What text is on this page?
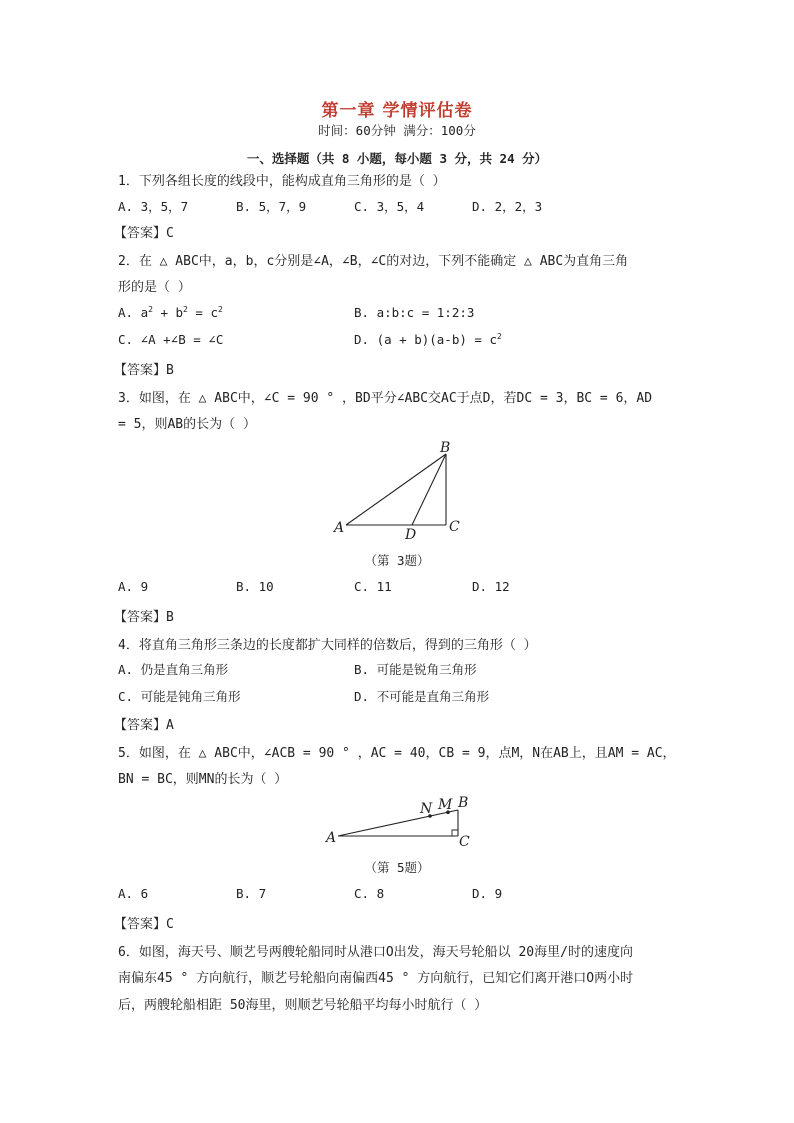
第一章 学情评估卷
时间：60分钟 满分：100分
一、选择题（共 8 小题，每小题 3 分，共 24 分）
1．下列各组长度的线段中，能构成直角三角形的是（ ）
A. 3，5，7	B. 5，7，9	C. 3，5，4	D. 2，2，3
【答案】C
2．在 △ ABC中，a，b，c分别是∠A，∠B，∠C的对边，下列不能确定 △ ABC为直角三角
形的是（ ）
A. $a^2 + b^2 = c^2$	B. a:b:c = 1:2:3
C. ∠A +∠B = ∠C	D. $(a + b)(a-b) = c^2$
【答案】B
3．如图，在 △ ABC中，∠C = 90 ° ，BD平分∠ABC交AC于点D，若DC = 3，BC = 6，AD
= 5，则AB的长为（ ）
A
B
C
D
（第 3题）
A. 9	B. 10	C. 11	D. 12
【答案】B
4．将直角三角形三条边的长度都扩大同样的倍数后，得到的三角形（ ）
A. 仍是直角三角形	B. 可能是锐角三角形
C. 可能是钝角三角形	D. 不可能是直角三角形
【答案】A
5．如图，在 △ ABC中，∠ACB = 90 ° ，AC = 40，CB = 9，点M，N在AB上，且AM = AC，
BN = BC，则MN的长为（ ）
A
B
C
M
N
（第 5题）
A. 6	B. 7	C. 8	D. 9
【答案】C
6．如图，海天号、顺艺号两艘轮船同时从港口O出发，海天号轮船以 20海里/时的速度向
南偏东45 ° 方向航行，顺艺号轮船向南偏西45 ° 方向航行，已知它们离开港口O两小时
后，两艘轮船相距 50海里，则顺艺号轮船平均每小时航行（ ）
